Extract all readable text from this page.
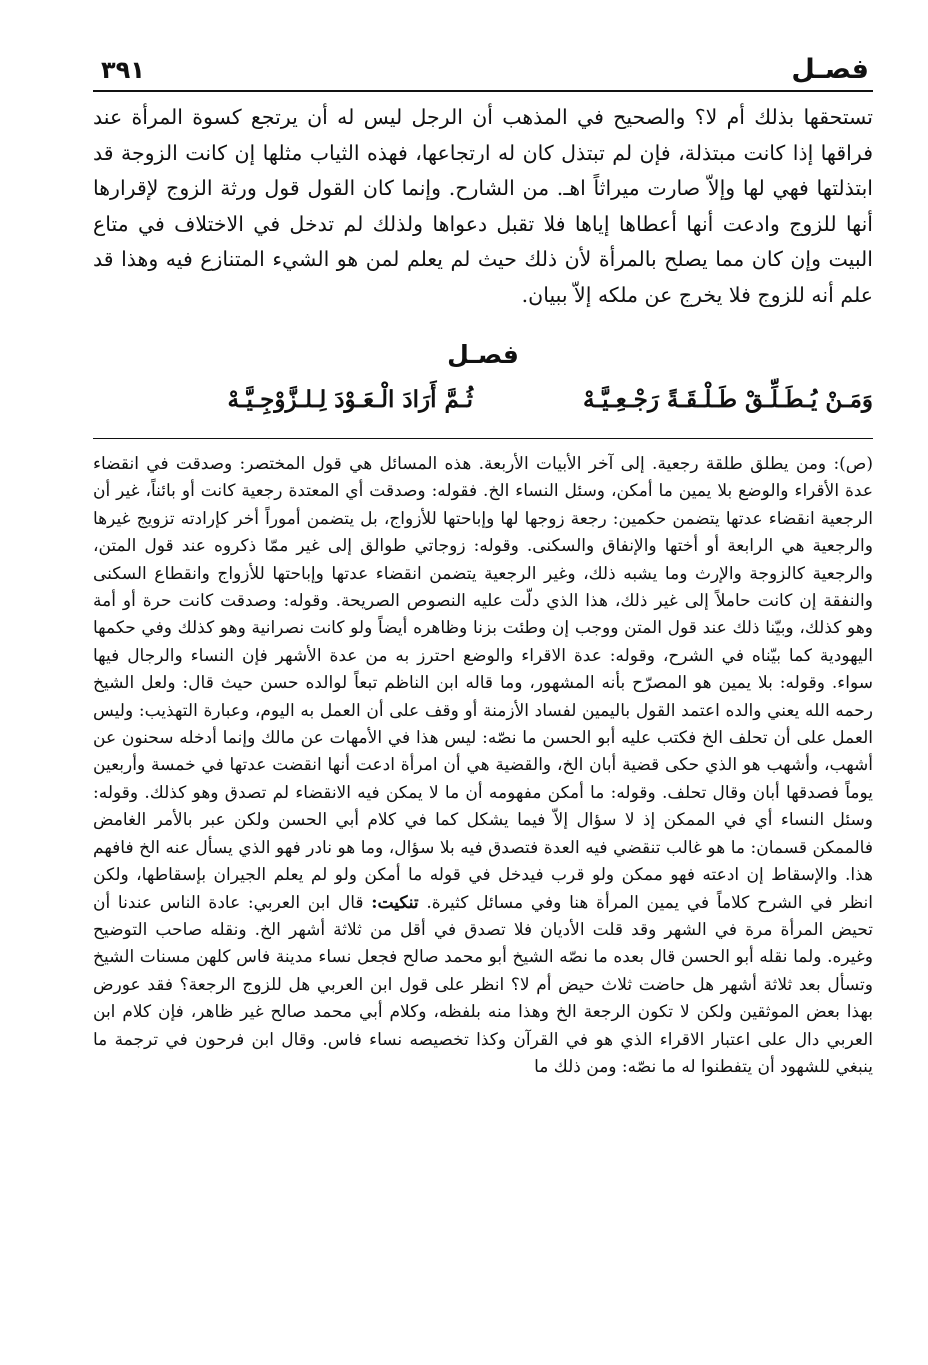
فصـل
٣٩١

تستحقها بذلك أم لا؟ والصحيح في المذهب أن الرجل ليس له أن يرتجع كسوة المرأة عند فراقها إذا كانت مبتذلة، فإن لم تبتذل كان له ارتجاعها، فهذه الثياب مثلها إن كانت الزوجة قد ابتذلتها فهي لها وإلاّ صارت ميراثاً اهـ. من الشارح. وإنما كان القول قول ورثة الزوج لإقرارها أنها للزوج وادعت أنها أعطاها إياها فلا تقبل دعواها ولذلك لم تدخل في الاختلاف في متاع البيت وإن كان مما يصلح بالمرأة لأن ذلك حيث لم يعلم لمن هو الشيء المتنازع فيه وهذا قد علم أنه للزوج فلا يخرج عن ملكه إلاّ ببيان.

فصـل
وَمَـنْ يُـطَـلِّـقْ طَـلْـقَـةً رَجْـعِـيَّـهْ
ثُـمَّ أَرَادَ الْـعَـوْدَ لِـلـزَّوْجِـيَّـهْ

(ص): ومن يطلق طلقة رجعية. إلى آخر الأبيات الأربعة. هذه المسائل هي قول المختصر: وصدقت في انقضاء عدة الأقراء والوضع بلا يمين ما أمكن، وسئل النساء الخ. فقوله: وصدقت أي المعتدة رجعية كانت أو بائناً، غير أن الرجعية انقضاء عدتها يتضمن حكمين: رجعة زوجها لها وإباحتها للأزواج، بل يتضمن أموراً أخر كإرادته تزويج غيرها والرجعية هي الرابعة أو أختها والإنفاق والسكنى. وقوله: زوجاتي طوالق إلى غير ممّا ذكروه عند قول المتن، والرجعية كالزوجة والإرث وما يشبه ذلك، وغير الرجعية يتضمن انقضاء عدتها وإباحتها للأزواج وانقطاع السكنى والنفقة إن كانت حاملاً إلى غير ذلك، هذا الذي دلّت عليه النصوص الصريحة. وقوله: وصدقت كانت حرة أو أمة وهو كذلك، وبيّنا ذلك عند قول المتن ووجب إن وطئت بزنا وظاهره أيضاً ولو كانت نصرانية وهو كذلك وفي حكمها اليهودية كما بيّناه في الشرح، وقوله: عدة الاقراء والوضع احترز به من عدة الأشهر فإن النساء والرجال فيها سواء. وقوله: بلا يمين هو المصرّح بأنه المشهور، وما قاله ابن الناظم تبعاً لوالده حسن حيث قال: ولعل الشيخ رحمه الله يعني والده اعتمد القول باليمين لفساد الأزمنة أو وقف على أن العمل به اليوم، وعبارة التهذيب: وليس العمل على أن تحلف الخ فكتب عليه أبو الحسن ما نصّه: ليس هذا في الأمهات عن مالك وإنما أدخله سحنون عن أشهب، وأشهب هو الذي حكى قضية أبان الخ، والقضية هي أن امرأة ادعت أنها انقضت عدتها في خمسة وأربعين يوماً فصدقها أبان وقال تحلف. وقوله: ما أمكن مفهومه أن ما لا يمكن فيه الانقضاء لم تصدق وهو كذلك. وقوله: وسئل النساء أي في الممكن إذ لا سؤال إلاّ فيما يشكل كما في كلام أبي الحسن ولكن عبر بالأمر الغامض فالممكن قسمان: ما هو غالب تنقضي فيه العدة فتصدق فيه بلا سؤال، وما هو نادر فهو الذي يسأل عنه الخ فافهم هذا. والإسقاط إن ادعته فهو ممكن ولو قرب فيدخل في قوله ما أمكن ولو لم يعلم الجيران بإسقاطها، ولكن انظر في الشرح كلاماً في يمين المرأة هنا وفي مسائل كثيرة. تنكيت: قال ابن العربي: عادة الناس عندنا أن تحيض المرأة مرة في الشهر وقد قلت الأديان فلا تصدق في أقل من ثلاثة أشهر الخ. ونقله صاحب التوضيح وغيره. ولما نقله أبو الحسن قال بعده ما نصّه الشيخ أبو محمد صالح فجعل نساء مدينة فاس كلهن مسنات الشيخ وتسأل بعد ثلاثة أشهر هل حاضت ثلاث حيض أم لا؟ انظر على قول ابن العربي هل للزوج الرجعة؟ فقد عورض بهذا بعض الموثقين ولكن لا تكون الرجعة الخ وهذا منه بلفظه، وكلام أبي محمد صالح غير ظاهر، فإن كلام ابن العربي دال على اعتبار الاقراء الذي هو في القرآن وكذا تخصيصه نساء فاس. وقال ابن فرحون في ترجمة ما ينبغي للشهود أن يتفطنوا له ما نصّه: ومن ذلك ما
